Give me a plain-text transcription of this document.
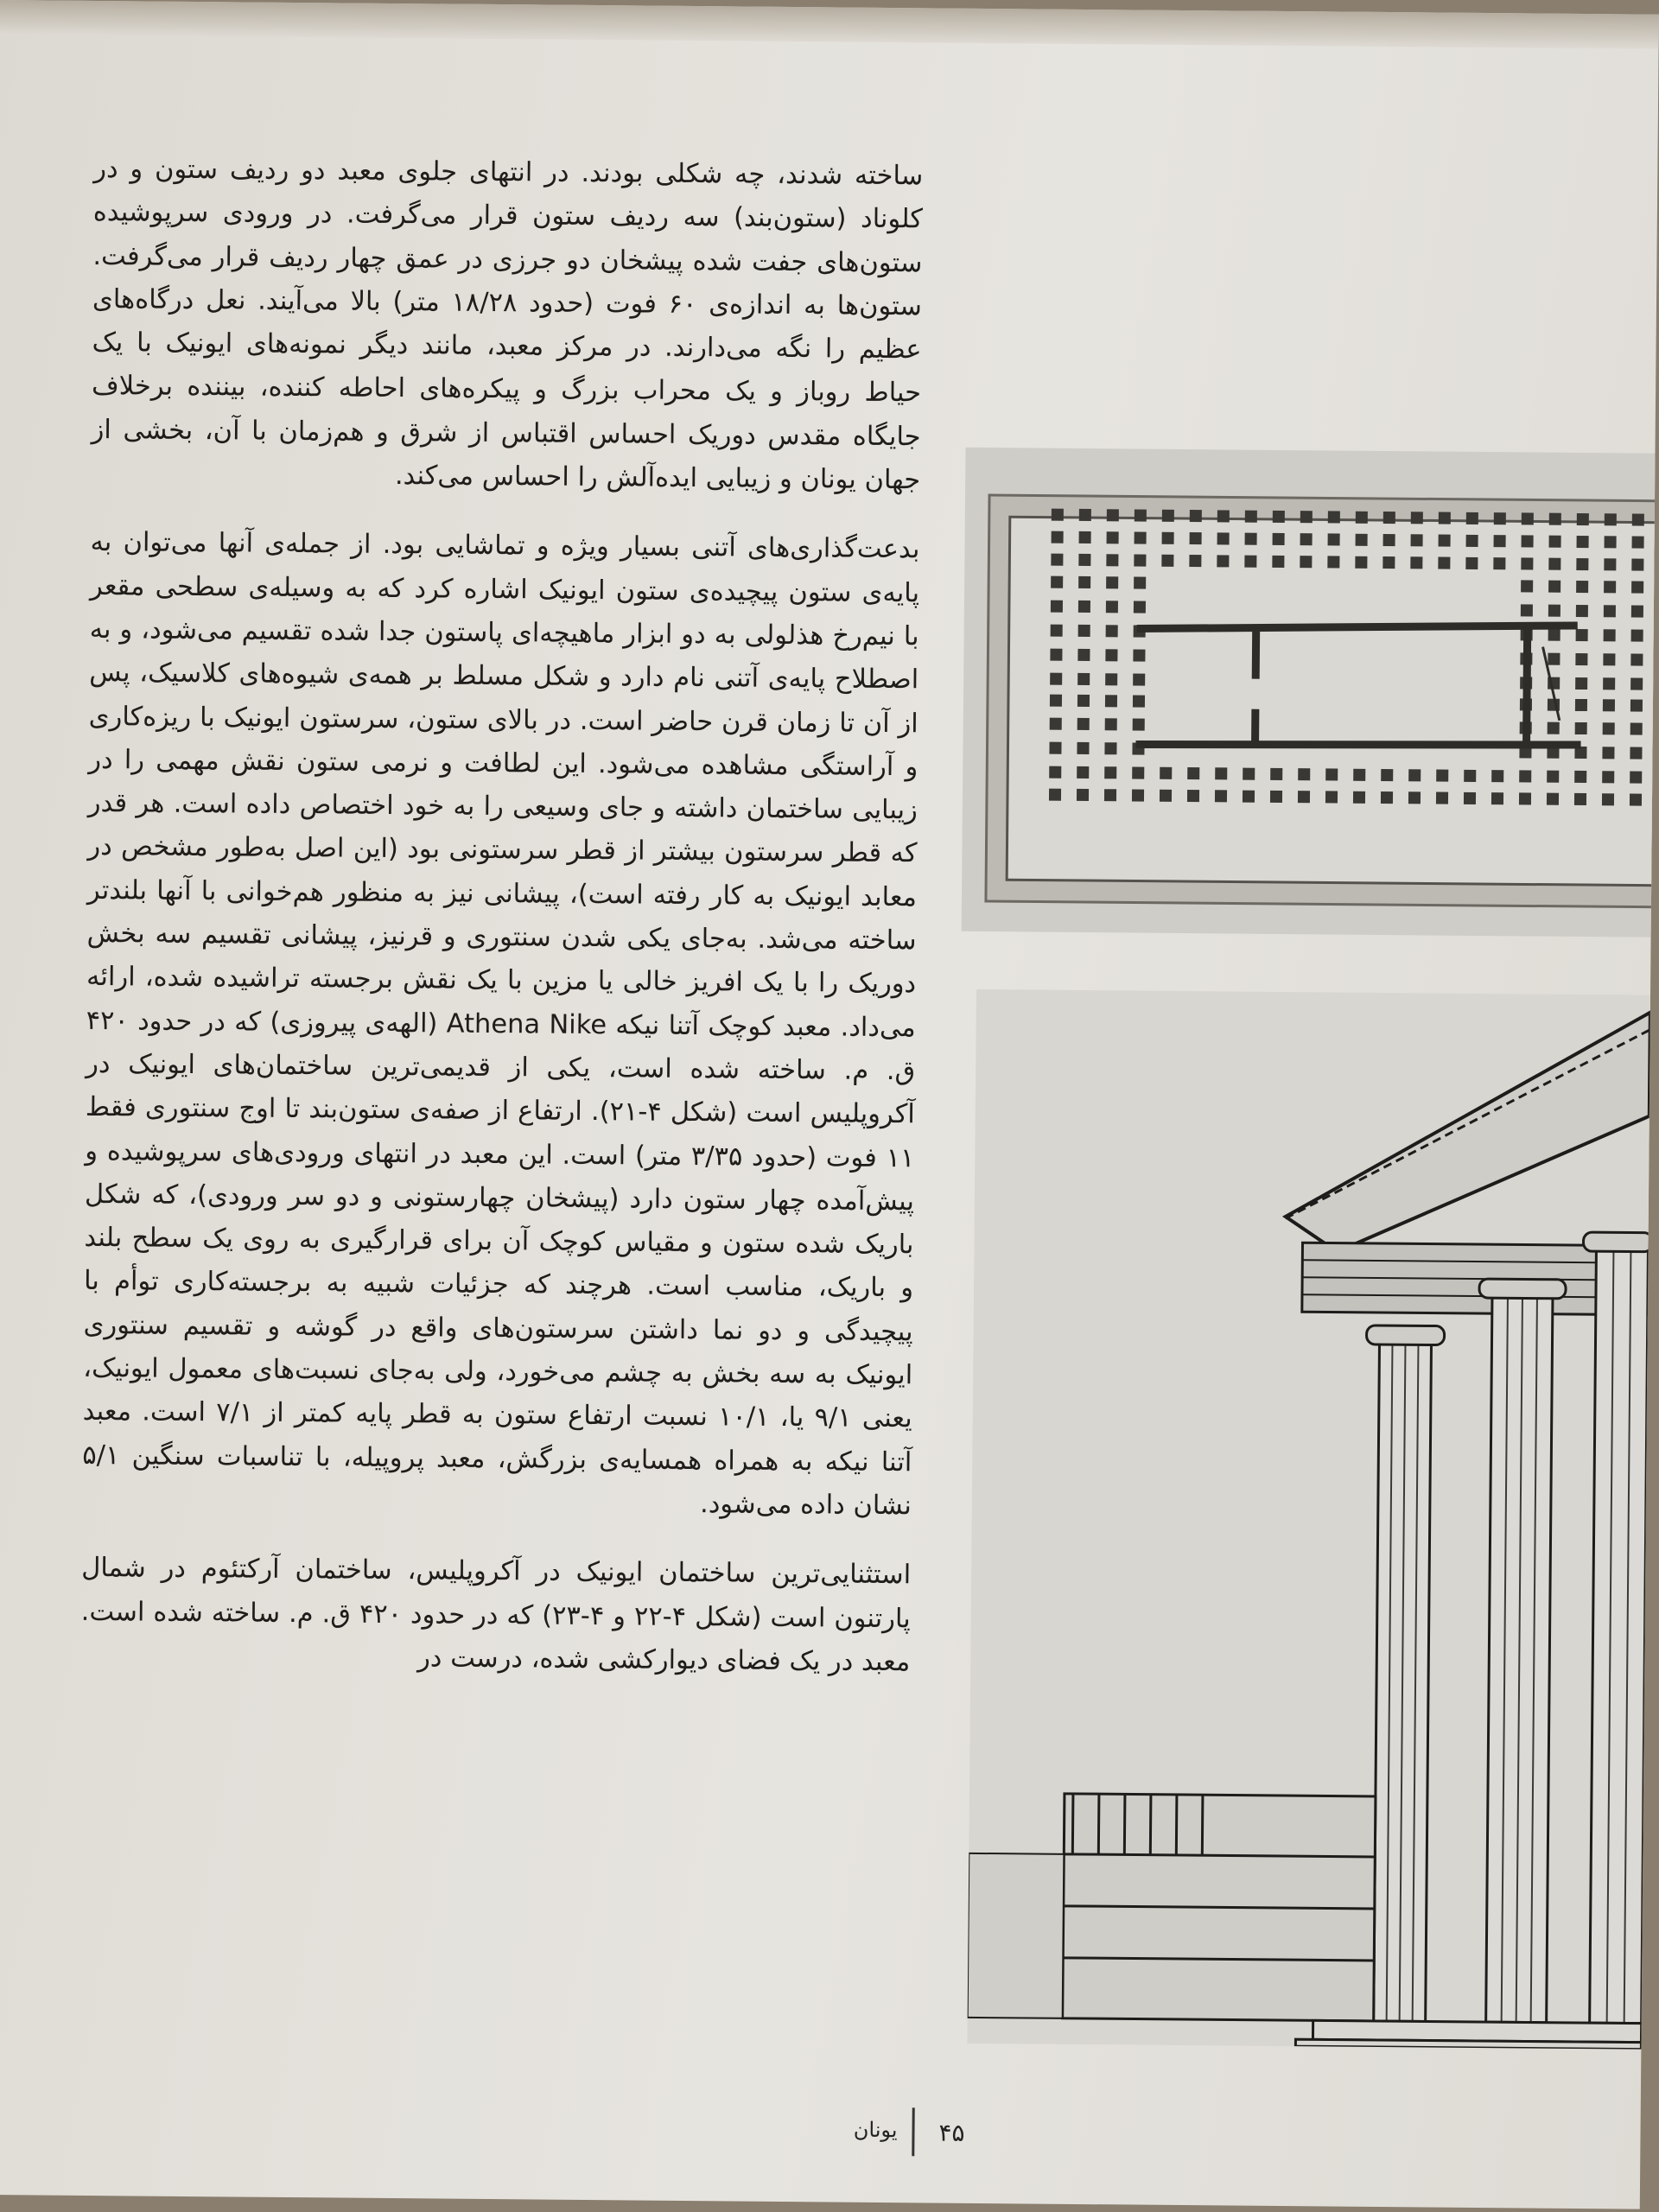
ساخته شدند، چه شکلی بودند. در انتهای جلوی معبد دو ردیف ستون و در کلوناد (ستون‌بند) سه ردیف ستون قرار می‌گرفت. در ورودی سرپوشیده ستون‌های جفت شده پیشخان دو جرزی در عمق چهار ردیف قرار می‌گرفت. ستون‌ها به اندازه‌ی ۶۰ فوت (حدود ۱۸/۲۸ متر) بالا می‌آیند. نعل درگاه‌های عظیم را نگه می‌دارند. در مرکز معبد، مانند دیگر نمونه‌های ایونیک با یک حیاط روباز و یک محراب بزرگ و پیکره‌های احاطه کننده، بیننده برخلاف جایگاه مقدس دوریک احساس اقتباس از شرق و هم‌زمان با آن، بخشی از جهان یونان و زیبایی ایده‌آلش را احساس می‌کند.

بدعت‌گذاری‌های آتنی بسیار ویژه و تماشایی بود. از جمله‌ی آنها می‌توان به پایه‌ی ستون پیچیده‌ی ستون ایونیک اشاره کرد که به وسیله‌ی سطحی مقعر با نیم‌رخ هذلولی به دو ابزار ماهیچه‌ای پاستون جدا شده تقسیم می‌شود، و به اصطلاح پایه‌ی آتنی نام دارد و شکل مسلط بر همه‌ی شیوه‌های کلاسیک، پس از آن تا زمان قرن حاضر است. در بالای ستون، سرستون ایونیک با ریزه‌کاری و آراستگی مشاهده می‌شود. این لطافت و نرمی ستون نقش مهمی را در زیبایی ساختمان داشته و جای وسیعی را به خود اختصاص داده است. هر قدر که قطر سرستون بیشتر از قطر سرستونی بود (این اصل به‌طور مشخص در معابد ایونیک به کار رفته است)، پیشانی نیز به منظور هم‌خوانی با آنها بلندتر ساخته می‌شد. به‌جای یکی شدن سنتوری و قرنیز، پیشانی تقسیم سه بخش دوریک را با یک افریز خالی یا مزین با یک نقش برجسته تراشیده شده، ارائه می‌داد. معبد کوچک آتنا نیکه Athena Nike (الهه‌ی پیروزی) که در حدود ۴۲۰ ق. م. ساخته شده است، یکی از قدیمی‌ترین ساختمان‌های ایونیک در آکروپلیس است (شکل ۴-۲۱). ارتفاع از صفه‌ی ستون‌بند تا اوج سنتوری فقط ۱۱ فوت (حدود ۳/۳۵ متر) است. این معبد در انتهای ورودی‌های سرپوشیده و پیش‌آمده چهار ستون دارد (پیشخان چهارستونی و دو سر ورودی)، که شکل باریک شده ستون و مقیاس کوچک آن برای قرارگیری به روی یک سطح بلند و باریک، مناسب است. هرچند که جزئیات شبیه به برجسته‌کاری توأم با پیچیدگی و دو نما داشتن سرستون‌های واقع در گوشه و تقسیم سنتوری ایونیک به سه بخش به چشم می‌خورد، ولی به‌جای نسبت‌های معمول ایونیک، یعنی ۹/۱ یا، ۱۰/۱ نسبت ارتفاع ستون به قطر پایه کمتر از ۷/۱ است. معبد آتنا نیکه به همراه همسایه‌ی بزرگش، معبد پروپیله، با تناسبات سنگین ۵/۱ نشان داده می‌شود.

استثنایی‌ترین ساختمان ایونیک در آکروپلیس، ساختمان آرکتئوم در شمال پارتنون است (شکل ۴-۲۲ و ۴-۲۳) که در حدود ۴۲۰ ق. م. ساخته شده است. معبد در یک فضای دیوارکشی شده، درست در

یونان ۴۵
